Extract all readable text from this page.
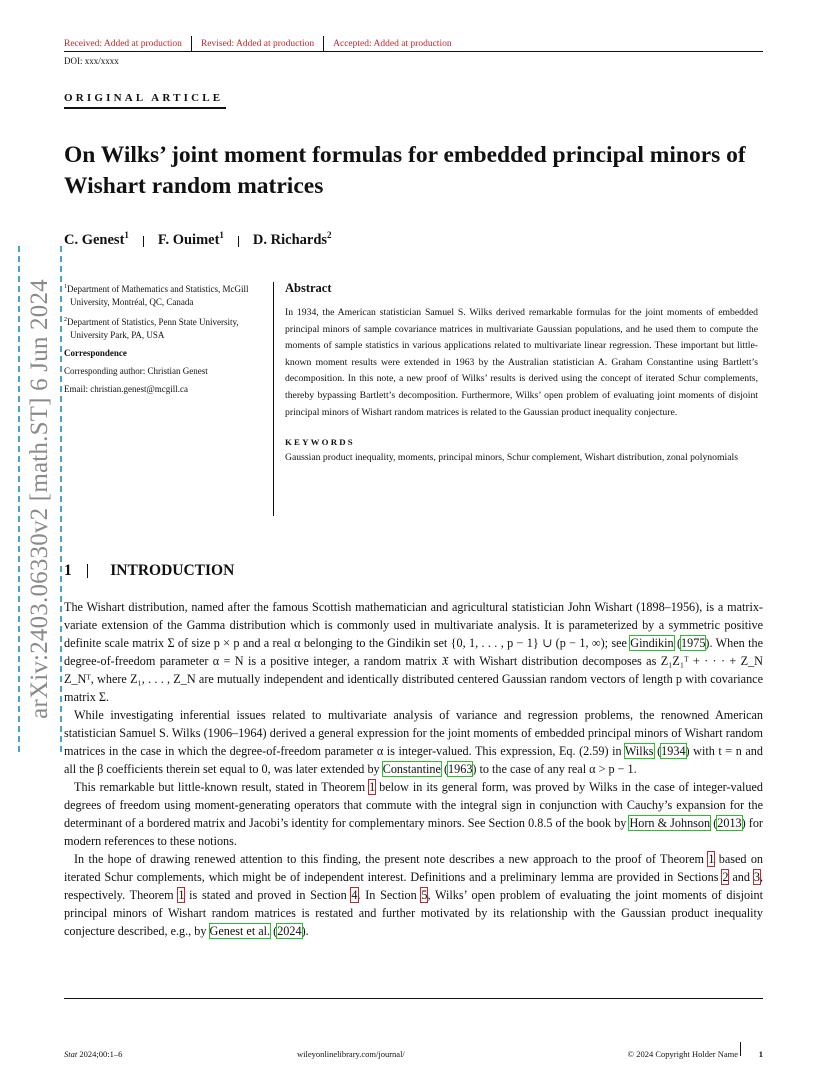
Received: Added at production Revised: Added at production Accepted: Added at production
DOI: xxx/xxxx
ORIGINAL ARTICLE
On Wilks’ joint moment formulas for embedded principal minors of Wishart random matrices
C. Genest$^1$ F. Ouimet$^1$ D. Richards$^2$
arXiv:2403.06330v2 [math.ST] 6 Jun 2024 $^1$Department of Mathematics and Statistics, McGill University, Montréal, QC, Canada

$^2$Department of Statistics, Penn State University, University Park, PA, USA

Correspondence

Corresponding author: Christian Genest

Email: christian.genest@mcgill.ca

Abstract

In 1934, the American statistician Samuel S. Wilks derived remarkable formulas for the joint moments of embedded principal minors of sample covariance matrices in multivariate Gaussian populations, and he used them to compute the moments of sample statistics in various applications related to multivariate linear regression. These important but little-known moment results were extended in 1963 by the Australian statistician A. Graham Constantine using Bartlett’s decomposition. In this note, a new proof of Wilks’ results is derived using the concept of iterated Schur complements, thereby bypassing Bartlett’s decomposition. Furthermore, Wilks’ open problem of evaluating joint moments of disjoint principal minors of Wishart random matrices is related to the Gaussian product inequality conjecture.

KEYWORDS

Gaussian product inequality, moments, principal minors, Schur complement, Wishart distribution, zonal polynomials

1 INTRODUCTION

The Wishart distribution, named after the famous Scottish mathematician and agricultural statistician John Wishart (1898–1956), is a matrix-variate extension of the Gamma distribution which is commonly used in multivariate analysis. It is parameterized by a symmetric positive definite scale matrix Σ of size p × p and a real α belonging to the Gindikin set {0, 1, . . . , p − 1} ∪ (p − 1, ∞); see Gindikin (1975). When the degree-of-freedom parameter α = N is a positive integer, a random matrix 𝔛 with Wishart distribution decomposes as Z₁Z₁ᵀ + · · · + Z_N Z_Nᵀ, where Z₁, . . . , Z_N are mutually independent and identically distributed centered Gaussian random vectors of length p with covariance matrix Σ.

While investigating inferential issues related to multivariate analysis of variance and regression problems, the renowned American statistician Samuel S. Wilks (1906–1964) derived a general expression for the joint moments of embedded principal minors of Wishart random matrices in the case in which the degree-of-freedom parameter α is integer-valued. This expression, Eq. (2.59) in Wilks (1934) with t = n and all the β coefficients therein set equal to 0, was later extended by Constantine (1963) to the case of any real α > p − 1.

This remarkable but little-known result, stated in Theorem 1 below in its general form, was proved by Wilks in the case of integer-valued degrees of freedom using moment-generating operators that commute with the integral sign in conjunction with Cauchy’s expansion for the determinant of a bordered matrix and Jacobi’s identity for complementary minors. See Section 0.8.5 of the book by Horn & Johnson (2013) for modern references to these notions.

In the hope of drawing renewed attention to this finding, the present note describes a new approach to the proof of Theorem 1 based on iterated Schur complements, which might be of independent interest. Definitions and a preliminary lemma are provided in Sections 2 and 3, respectively. Theorem 1 is stated and proved in Section 4. In Section 5, Wilks’ open problem of evaluating the joint moments of disjoint principal minors of Wishart random matrices is restated and further motivated by its relationship with the Gaussian product inequality conjecture described, e.g., by Genest et al. (2024).

Stat 2024;00:1–6	wileyonlinelibrary.com/journal/	© 2024 Copyright Holder Name 1
